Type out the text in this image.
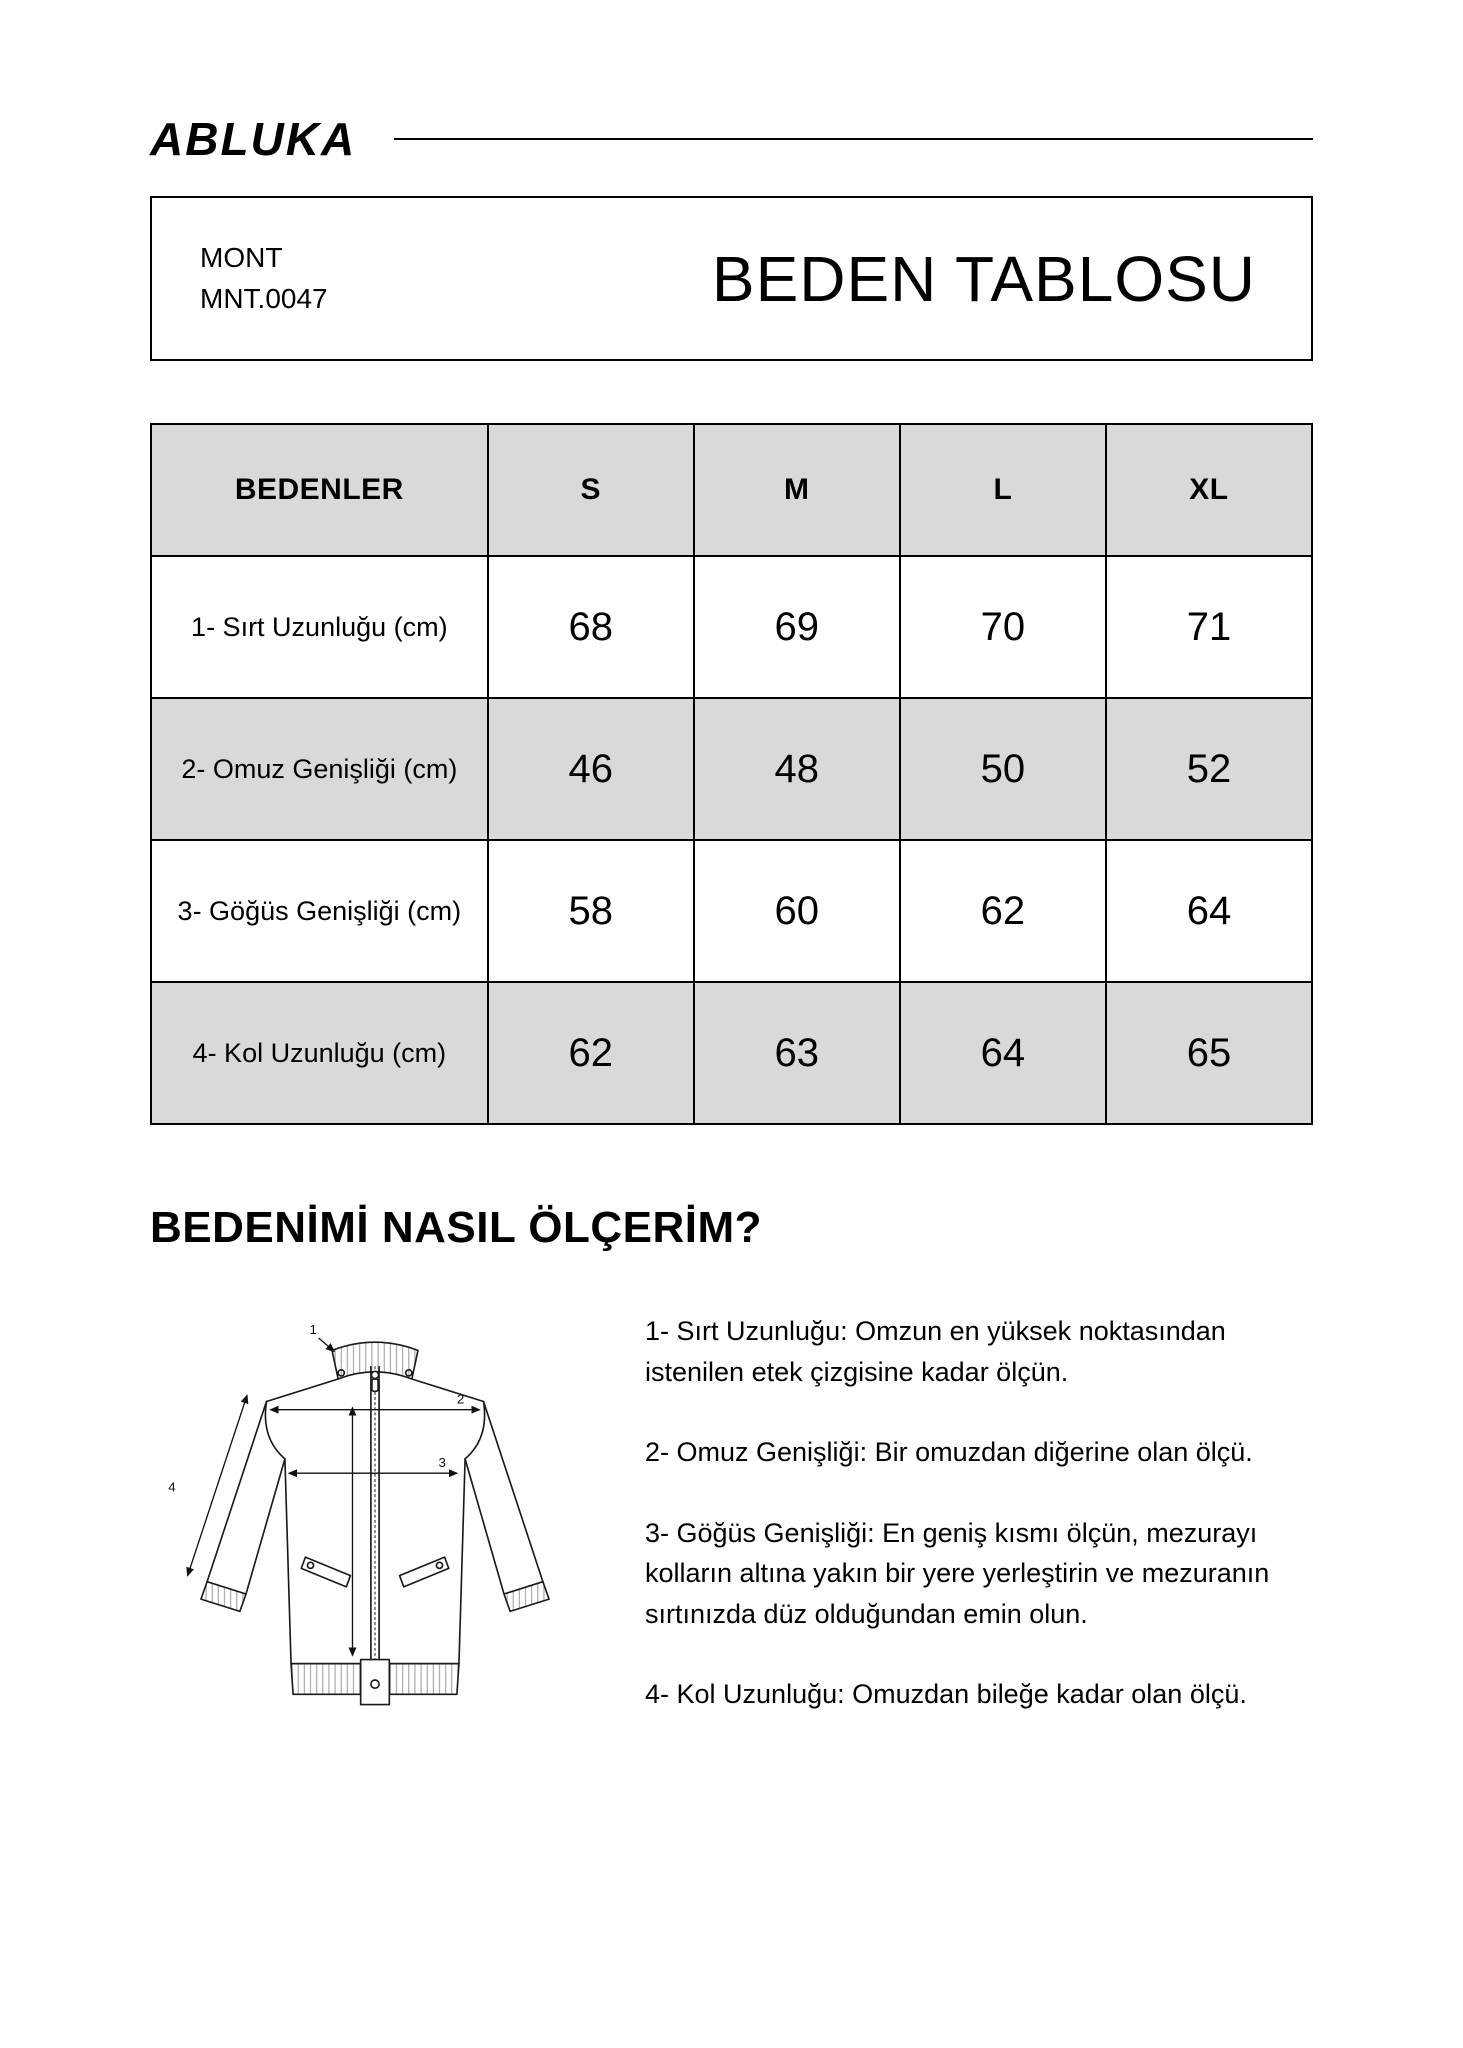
ABLUKA
MONT
MNT.0047	BEDEN TABLOSU
BEDENLER	S	M	L	XL
1- Sırt Uzunluğu (cm)	68	69	70	71
2- Omuz Genişliği (cm)	46	48	50	52
3- Göğüs Genişliği (cm)	58	60	62	64
4- Kol Uzunluğu (cm)	62	63	64	65
BEDENİMİ NASIL ÖLÇERİM?
1
2
3
4

1- Sırt Uzunluğu: Omzun en yüksek noktasından istenilen etek çizgisine kadar ölçün.

2- Omuz Genişliği: Bir omuzdan diğerine olan ölçü.

3- Göğüs Genişliği: En geniş kısmı ölçün, mezurayı kolların altına yakın bir yere yerleştirin ve mezuranın sırtınızda düz olduğundan emin olun.

4- Kol Uzunluğu: Omuzdan bileğe kadar olan ölçü.
